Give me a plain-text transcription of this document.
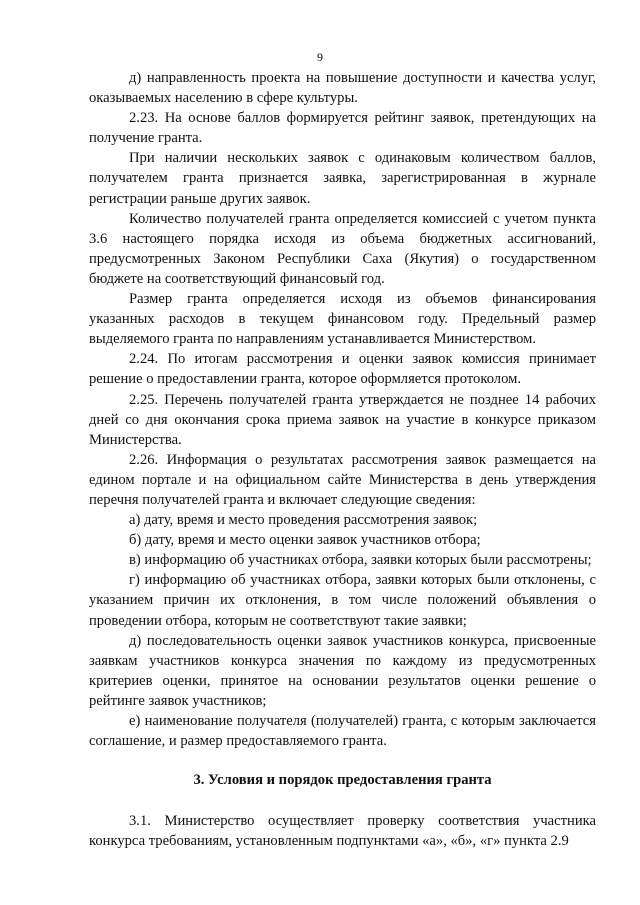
9

д) направленность проекта на повышение доступности и качества услуг, оказываемых населению в сфере культуры.

2.23. На основе баллов формируется рейтинг заявок, претендующих на получение гранта.

При наличии нескольких заявок с одинаковым количеством баллов, получателем гранта признается заявка, зарегистрированная в журнале регистрации раньше других заявок.

Количество получателей гранта определяется комиссией с учетом пункта 3.6 настоящего порядка исходя из объема бюджетных ассигнований, предусмотренных Законом Республики Саха (Якутия) о государственном бюджете на соответствующий финансовый год.

Размер гранта определяется исходя из объемов финансирования указанных расходов в текущем финансовом году. Предельный размер выделяемого гранта по направлениям устанавливается Министерством.

2.24. По итогам рассмотрения и оценки заявок комиссия принимает решение о предоставлении гранта, которое оформляется протоколом.

2.25. Перечень получателей гранта утверждается не позднее 14 рабочих дней со дня окончания срока приема заявок на участие в конкурсе приказом Министерства.

2.26. Информация о результатах рассмотрения заявок размещается на едином портале и на официальном сайте Министерства в день утверждения перечня получателей гранта и включает следующие сведения:

а) дату, время и место проведения рассмотрения заявок;

б) дату, время и место оценки заявок участников отбора;

в) информацию об участниках отбора, заявки которых были рассмотрены;

г) информацию об участниках отбора, заявки которых были отклонены, с указанием причин их отклонения, в том числе положений объявления о проведении отбора, которым не соответствуют такие заявки;

д) последовательность оценки заявок участников конкурса, присвоенные заявкам участников конкурса значения по каждому из предусмотренных критериев оценки, принятое на основании результатов оценки решение о рейтинге заявок участников;

е) наименование получателя (получателей) гранта, с которым заключается соглашение, и размер предоставляемого гранта.

3. Условия и порядок предоставления гранта

3.1. Министерство осуществляет проверку соответствия участника конкурса требованиям, установленным подпунктами «а», «б», «г» пункта 2.9
